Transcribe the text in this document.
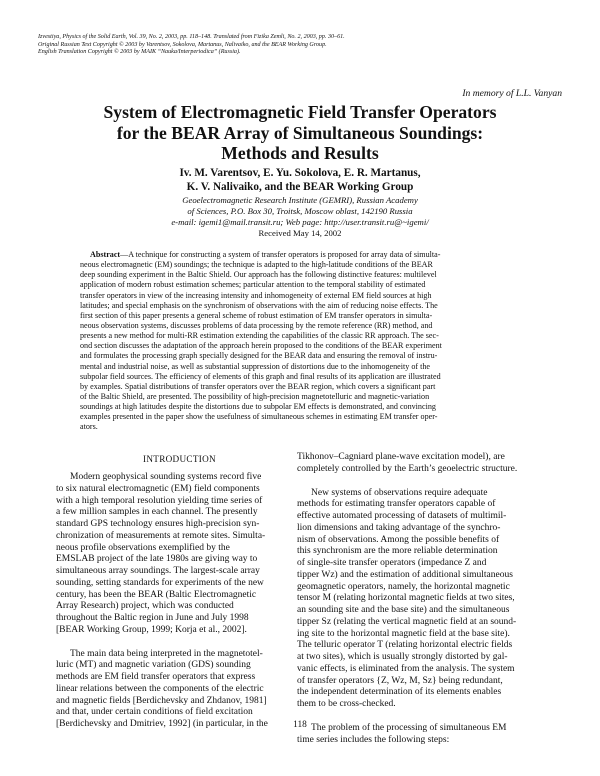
Izvestiya, Physics of the Solid Earth, Vol. 39, No. 2, 2003, pp. 118–148. Translated from Fizika Zemli, No. 2, 2003, pp. 30–61.
Original Russian Text Copyright © 2003 by Varentsov, Sokolova, Martanus, Nalivaiko, and the BEAR Working Group.
English Translation Copyright © 2003 by MAIK “Nauka/Interperiodica” (Russia).
In memory of L.L. Vanyan
System of Electromagnetic Field Transfer Operators
for the BEAR Array of Simultaneous Soundings:
Methods and Results
Iv. M. Varentsov, E. Yu. Sokolova, E. R. Martanus,
K. V. Nalivaiko, and the BEAR Working Group
Geoelectromagnetic Research Institute (GEMRI), Russian Academy
of Sciences, P.O. Box 30, Troitsk, Moscow oblast, 142190 Russia
e-mail: igemi1@mail.transit.ru; Web page: http://user.transit.ru@~igemi/
Received May 14, 2002
Abstract—A technique for constructing a system of transfer operators is proposed for array data of simulta-
neous electromagnetic (EM) soundings; the technique is adapted to the high-latitude conditions of the BEAR
deep sounding experiment in the Baltic Shield. Our approach has the following distinctive features: multilevel
application of modern robust estimation schemes; particular attention to the temporal stability of estimated
transfer operators in view of the increasing intensity and inhomogeneity of external EM field sources at high
latitudes; and special emphasis on the synchronism of observations with the aim of reducing noise effects. The
first section of this paper presents a general scheme of robust estimation of EM transfer operators in simulta-
neous observation systems, discusses problems of data processing by the remote reference (RR) method, and
presents a new method for multi-RR estimation extending the capabilities of the classic RR approach. The sec-
ond section discusses the adaptation of the approach herein proposed to the conditions of the BEAR experiment
and formulates the processing graph specially designed for the BEAR data and ensuring the removal of instru-
mental and industrial noise, as well as substantial suppression of distortions due to the inhomogeneity of the
subpolar field sources. The efficiency of elements of this graph and final results of its application are illustrated
by examples. Spatial distributions of transfer operators over the BEAR region, which covers a significant part
of the Baltic Shield, are presented. The possibility of high-precision magnetotelluric and magnetic-variation
soundings at high latitudes despite the distortions due to subpolar EM effects is demonstrated, and convincing
examples presented in the paper show the usefulness of simultaneous schemes in estimating EM transfer oper-
ators.
INTRODUCTION
Modern geophysical sounding systems record five
to six natural electromagnetic (EM) field components
with a high temporal resolution yielding time series of
a few million samples in each channel. The presently
standard GPS technology ensures high-precision syn-
chronization of measurements at remote sites. Simulta-
neous profile observations exemplified by the
EMSLAB project of the late 1980s are giving way to
simultaneous array soundings. The largest-scale array
sounding, setting standards for experiments of the new
century, has been the BEAR (Baltic Electromagnetic
Array Research) project, which was conducted
throughout the Baltic region in June and July 1998
[BEAR Working Group, 1999; Korja et al., 2002].
The main data being interpreted in the magnetotel-
luric (MT) and magnetic variation (GDS) sounding
methods are EM field transfer operators that express
linear relations between the components of the electric
and magnetic fields [Berdichevsky and Zhdanov, 1981]
and that, under certain conditions of field excitation
[Berdichevsky and Dmitriev, 1992] (in particular, in the
Tikhonov–Cagniard plane-wave excitation model), are
completely controlled by the Earth’s geoelectric structure.
New systems of observations require adequate
methods for estimating transfer operators capable of
effective automated processing of datasets of multimil-
lion dimensions and taking advantage of the synchro-
nism of observations. Among the possible benefits of
this synchronism are the more reliable determination
of single-site transfer operators (impedance Z and
tipper Wz) and the estimation of additional simultaneous
geomagnetic operators, namely, the horizontal magnetic
tensor M (relating horizontal magnetic fields at two sites,
an sounding site and the base site) and the simultaneous
tipper Sz (relating the vertical magnetic field at an sound-
ing site to the horizontal magnetic field at the base site).
The telluric operator T (relating horizontal electric fields
at two sites), which is usually strongly distorted by gal-
vanic effects, is eliminated from the analysis. The system
of transfer operators {Z, Wz, M, Sz} being redundant,
the independent determination of its elements enables
them to be cross-checked.
The problem of the processing of simultaneous EM
time series includes the following steps:
118
